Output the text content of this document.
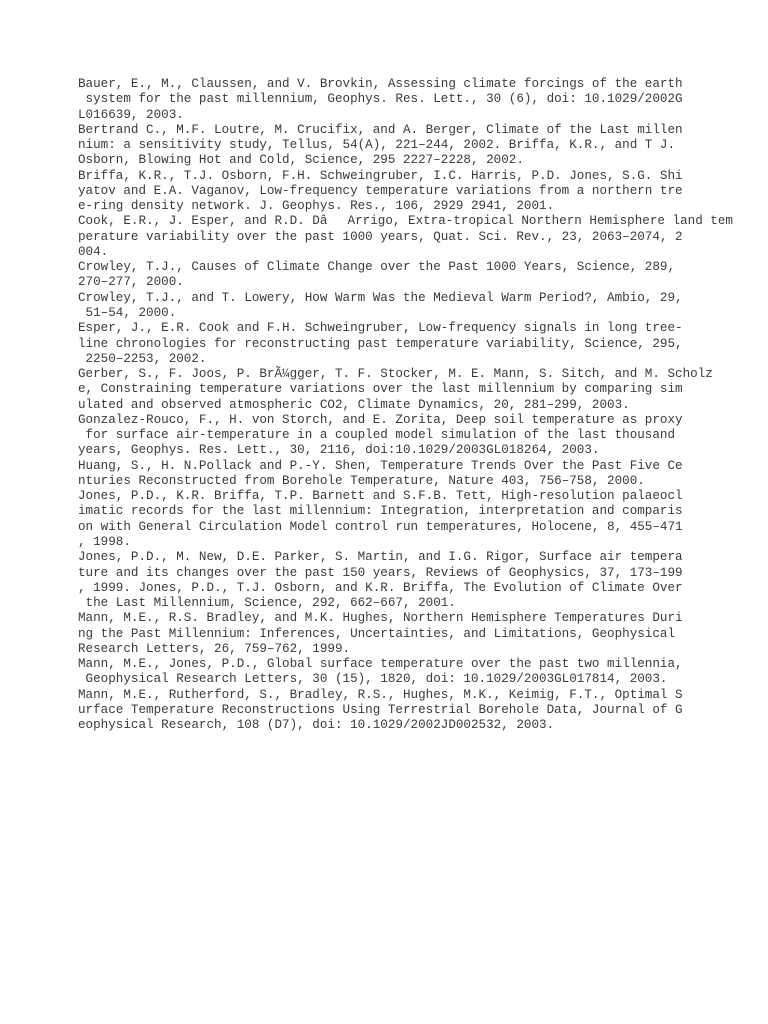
Bauer, E., M., Claussen, and V. Brovkin, Assessing climate forcings of the earth
system for the past millennium, Geophys. Res. Lett., 30 (6), doi: 10.1029/2002G
L016639, 2003.
Bertrand C., M.F. Loutre, M. Crucifix, and A. Berger, Climate of the Last millen
nium: a sensitivity study, Tellus, 54(A), 221–244, 2002. Briffa, K.R., and T J.
Osborn, Blowing Hot and Cold, Science, 295 2227–2228, 2002.
Briffa, K.R., T.J. Osborn, F.H. Schweingruber, I.C. Harris, P.D. Jones, S.G. Shi
yatov and E.A. Vaganov, Low-frequency temperature variations from a northern tre
e-ring density network. J. Geophys. Res., 106, 2929 2941, 2001.
Cook, E.R., J. Esper, and R.D. DâArrigo, Extra-tropical Northern Hemisphere land tem
perature variability over the past 1000 years, Quat. Sci. Rev., 23, 2063–2074, 2
004.
Crowley, T.J., Causes of Climate Change over the Past 1000 Years, Science, 289,
270–277, 2000.
Crowley, T.J., and T. Lowery, How Warm Was the Medieval Warm Period?, Ambio, 29,
51–54, 2000.
Esper, J., E.R. Cook and F.H. Schweingruber, Low-frequency signals in long tree-
line chronologies for reconstructing past temperature variability, Science, 295,
2250–2253, 2002.
Gerber, S., F. Joos, P. BrÃ¼gger, T. F. Stocker, M. E. Mann, S. Sitch, and M. Scholz
e, Constraining temperature variations over the last millennium by comparing sim
ulated and observed atmospheric CO2, Climate Dynamics, 20, 281–299, 2003.
Gonzalez-Rouco, F., H. von Storch, and E. Zorita, Deep soil temperature as proxy
for surface air-temperature in a coupled model simulation of the last thousand
years, Geophys. Res. Lett., 30, 2116, doi:10.1029/2003GL018264, 2003.
Huang, S., H. N.Pollack and P.-Y. Shen, Temperature Trends Over the Past Five Ce
nturies Reconstructed from Borehole Temperature, Nature 403, 756–758, 2000.
Jones, P.D., K.R. Briffa, T.P. Barnett and S.F.B. Tett, High-resolution palaeocl
imatic records for the last millennium: Integration, interpretation and comparis
on with General Circulation Model control run temperatures, Holocene, 8, 455–471
, 1998.
Jones, P.D., M. New, D.E. Parker, S. Martin, and I.G. Rigor, Surface air tempera
ture and its changes over the past 150 years, Reviews of Geophysics, 37, 173–199
, 1999. Jones, P.D., T.J. Osborn, and K.R. Briffa, The Evolution of Climate Over
the Last Millennium, Science, 292, 662–667, 2001.
Mann, M.E., R.S. Bradley, and M.K. Hughes, Northern Hemisphere Temperatures Duri
ng the Past Millennium: Inferences, Uncertainties, and Limitations, Geophysical
Research Letters, 26, 759–762, 1999.
Mann, M.E., Jones, P.D., Global surface temperature over the past two millennia,
Geophysical Research Letters, 30 (15), 1820, doi: 10.1029/2003GL017814, 2003.
Mann, M.E., Rutherford, S., Bradley, R.S., Hughes, M.K., Keimig, F.T., Optimal S
urface Temperature Reconstructions Using Terrestrial Borehole Data, Journal of G
eophysical Research, 108 (D7), doi: 10.1029/2002JD002532, 2003.
